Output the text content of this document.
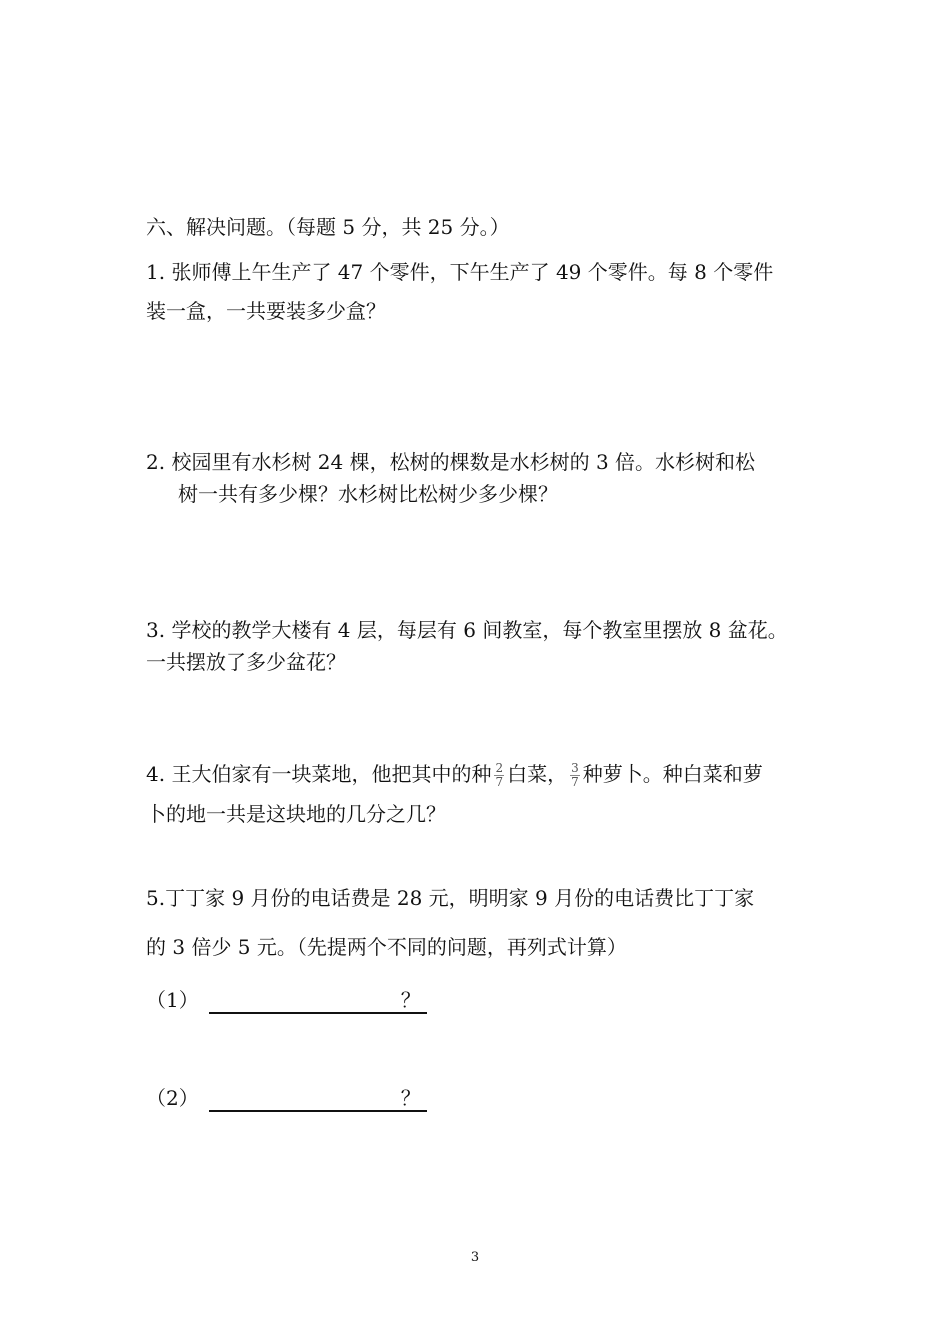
六、解决问题。（每题 5 分，共 25 分。）
1. 张师傅上午生产了 47 个零件，下午生产了 49 个零件。每 8 个零件
装一盒，一共要装多少盒？
2. 校园里有水杉树 24 棵，松树的棵数是水杉树的 3 倍。水杉树和松
树一共有多少棵？水杉树比松树少多少棵？
3. 学校的教学大楼有 4 层，每层有 6 间教室，每个教室里摆放 8 盆花。
一共摆放了多少盆花？
4. 王大伯家有一块菜地，他把其中的种 $\frac{2}{7}$ 白菜， $\frac{3}{7}$ 种萝卜。种白菜和萝
卜的地一共是这块地的几分之几？
5.丁丁家 9 月份的电话费是 28 元，明明家 9 月份的电话费比丁丁家
的 3 倍少 5 元。（先提两个不同的问题，再列式计算）
（1）	？
（2）	？
3
